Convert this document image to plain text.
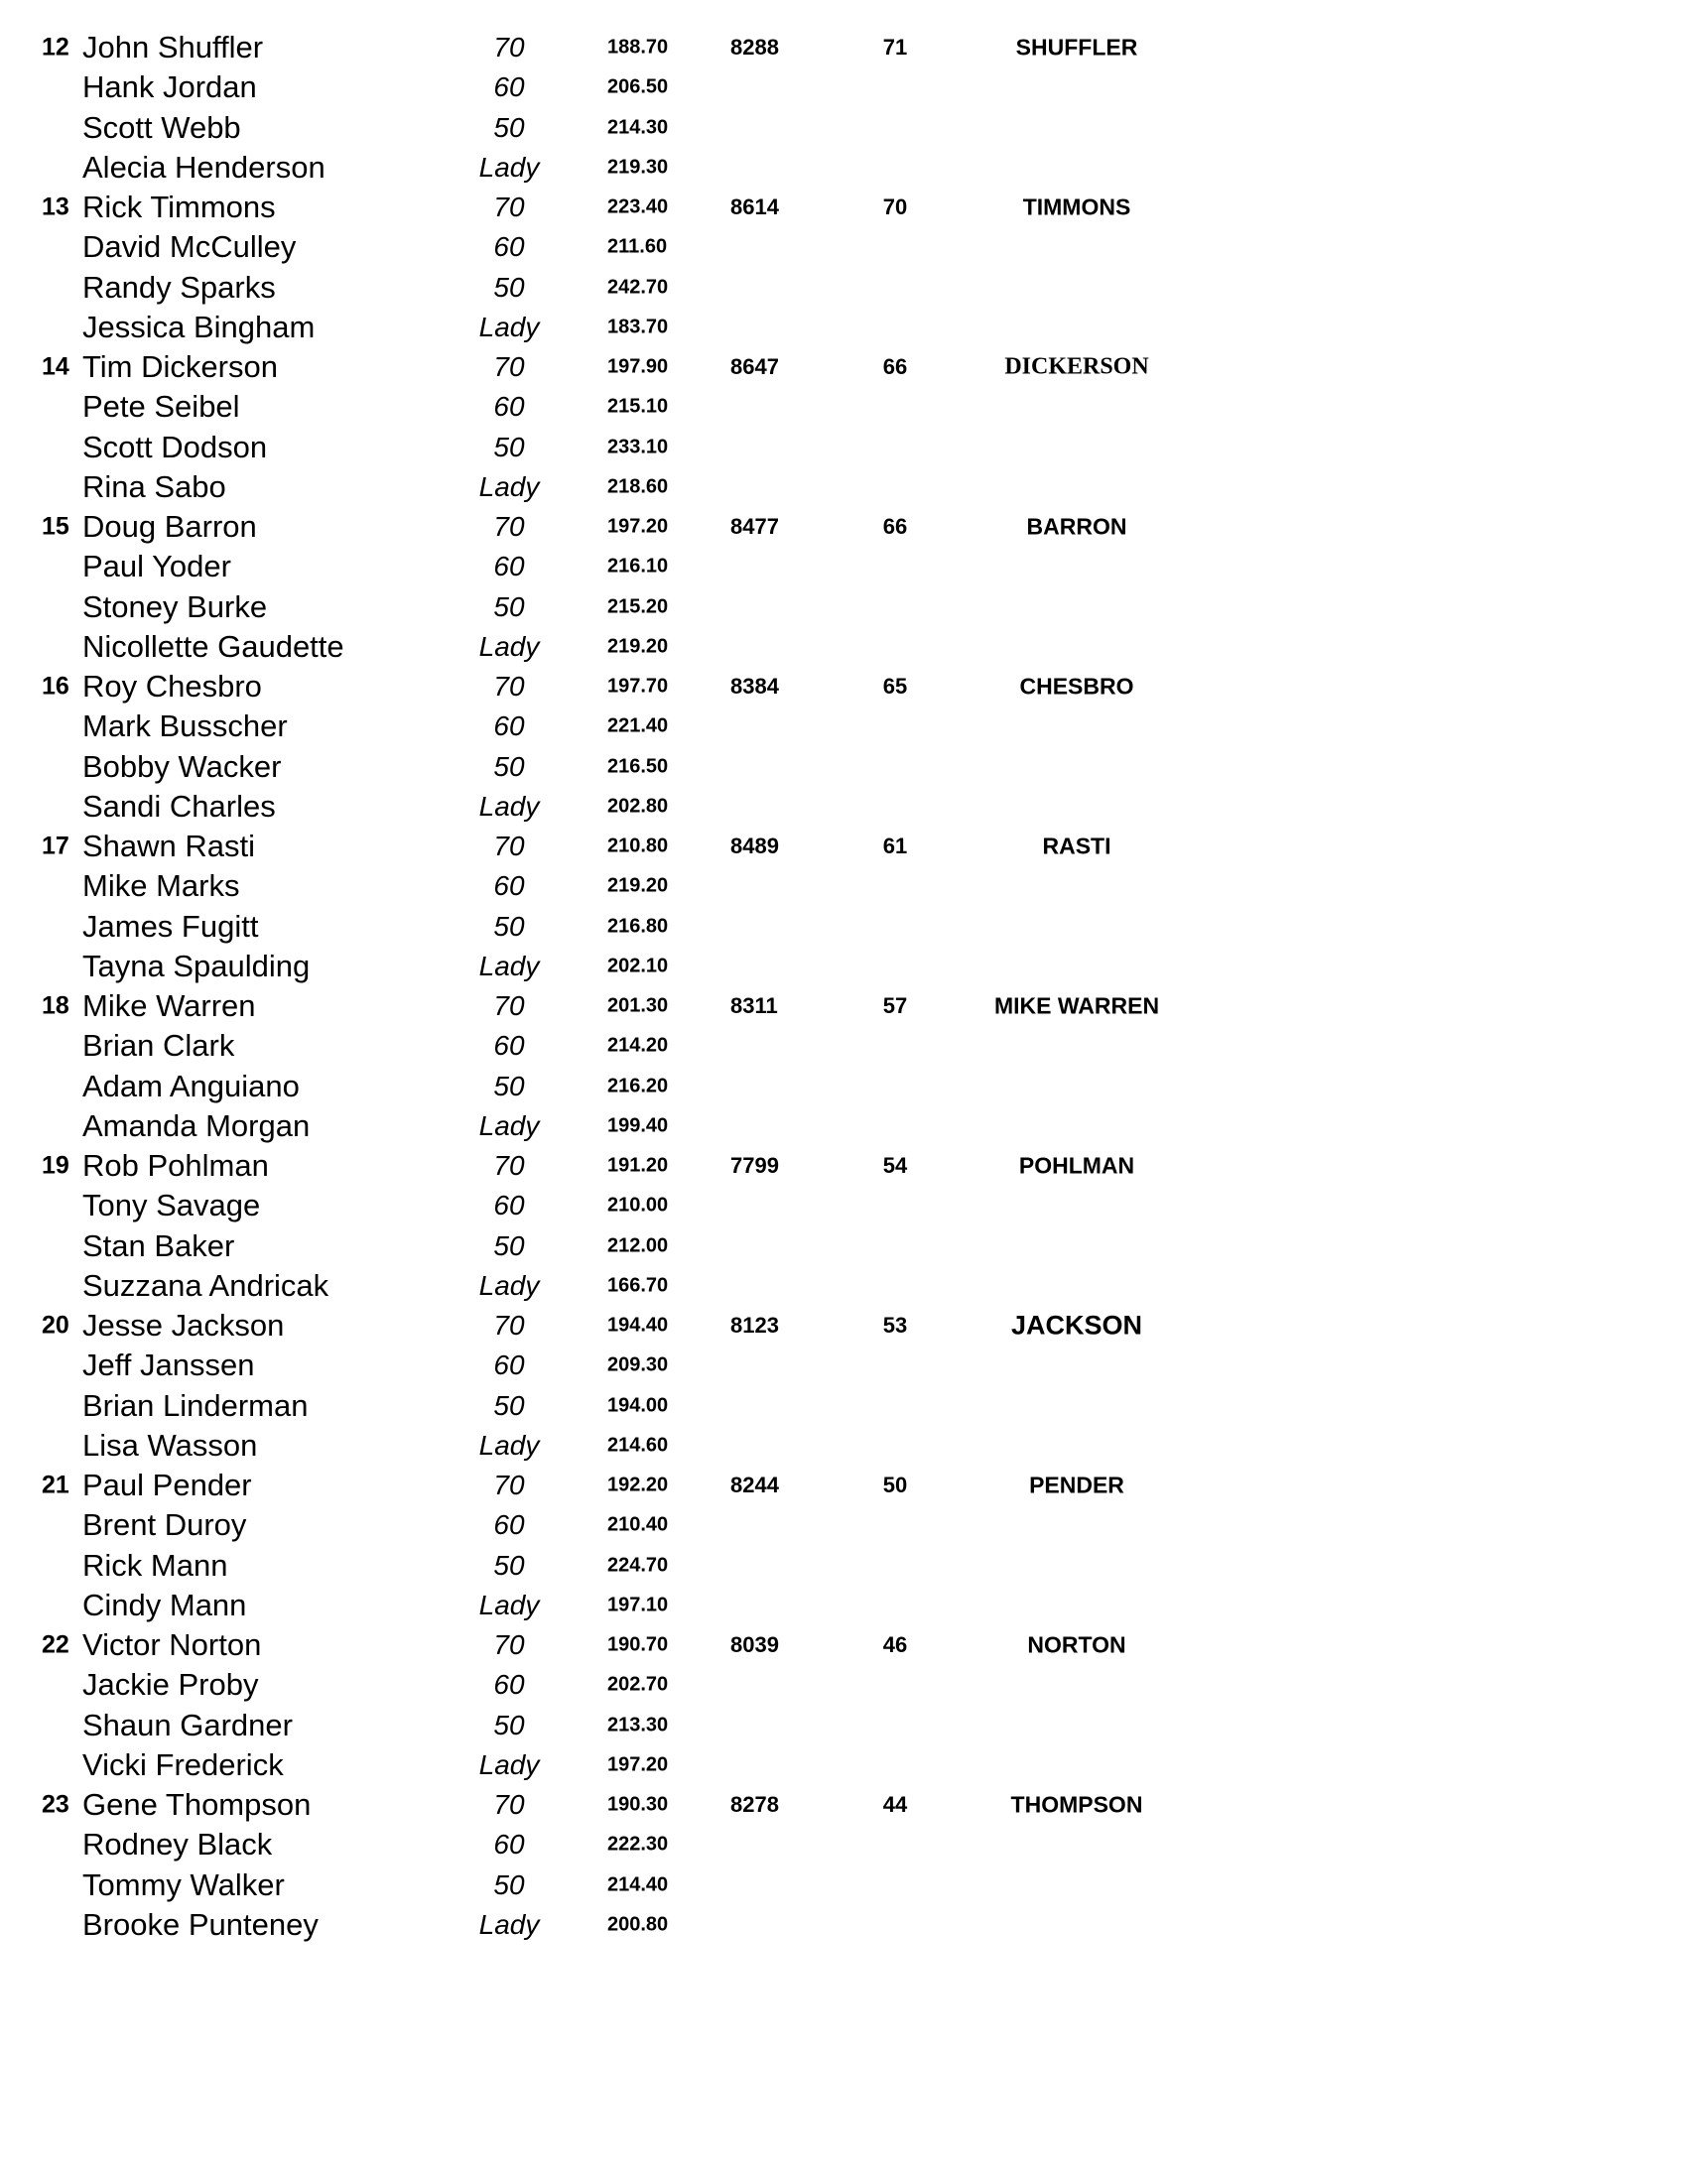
12 John Shuffler	70	188.70	8288	71	SHUFFLER
Hank Jordan	60	206.50
Scott Webb	50	214.30
Alecia Henderson	Lady	219.30
13 Rick Timmons	70	223.40	8614	70	TIMMONS
David McCulley	60	211.60
Randy Sparks	50	242.70
Jessica Bingham	Lady	183.70
14 Tim Dickerson	70	197.90	8647	66	DICKERSON
Pete Seibel	60	215.10
Scott Dodson	50	233.10
Rina Sabo	Lady	218.60
15 Doug Barron	70	197.20	8477	66	BARRON
Paul Yoder	60	216.10
Stoney Burke	50	215.20
Nicollette Gaudette	Lady	219.20
16 Roy Chesbro	70	197.70	8384	65	CHESBRO
Mark Busscher	60	221.40
Bobby Wacker	50	216.50
Sandi Charles	Lady	202.80
17 Shawn Rasti	70	210.80	8489	61	RASTI
Mike Marks	60	219.20
James Fugitt	50	216.80
Tayna Spaulding	Lady	202.10
18 Mike Warren	70	201.30	8311	57	MIKE WARREN
Brian Clark	60	214.20
Adam Anguiano	50	216.20
Amanda Morgan	Lady	199.40
19 Rob Pohlman	70	191.20	7799	54	POHLMAN
Tony Savage	60	210.00
Stan Baker	50	212.00
Suzzana Andricak	Lady	166.70
20 Jesse Jackson	70	194.40	8123	53	JACKSON
Jeff Janssen	60	209.30
Brian Linderman	50	194.00
Lisa Wasson	Lady	214.60
21 Paul Pender	70	192.20	8244	50	PENDER
Brent Duroy	60	210.40
Rick Mann	50	224.70
Cindy Mann	Lady	197.10
22 Victor Norton	70	190.70	8039	46	NORTON
Jackie Proby	60	202.70
Shaun Gardner	50	213.30
Vicki Frederick	Lady	197.20
23 Gene Thompson	70	190.30	8278	44	THOMPSON
Rodney Black	60	222.30
Tommy Walker	50	214.40
Brooke Punteney	Lady	200.80
